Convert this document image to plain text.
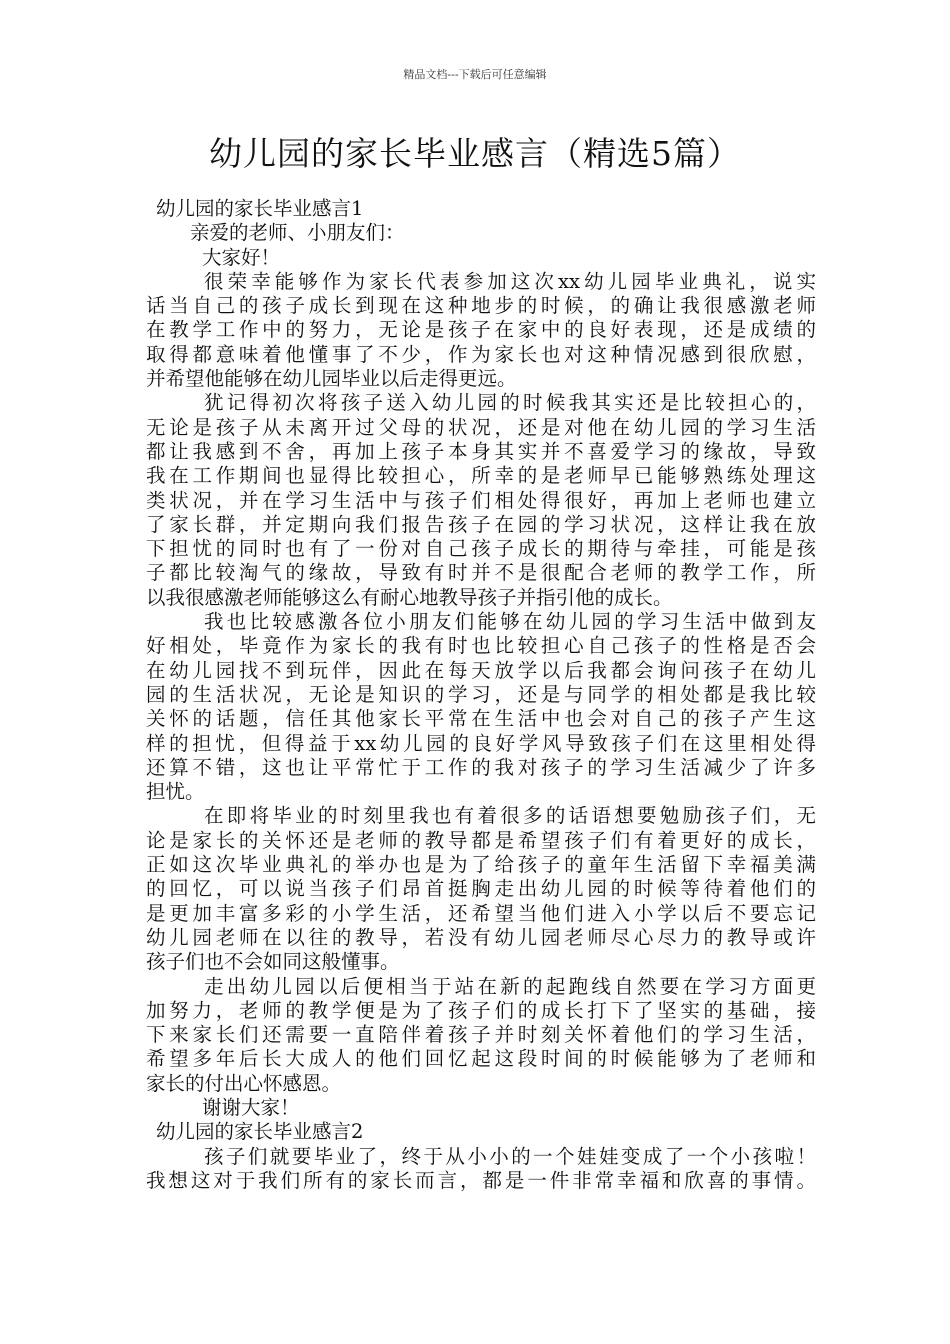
精品文档---下载后可任意编辑
幼儿园的家长毕业感言（精选5篇）
幼儿园的家长毕业感言1
亲爱的老师、小朋友们：
大家好！
很荣幸能够作为家长代表参加这次xx幼儿园毕业典礼，说实
话当自己的孩子成长到现在这种地步的时候，的确让我很感激老师
在教学工作中的努力，无论是孩子在家中的良好表现，还是成绩的
取得都意味着他懂事了不少，作为家长也对这种情况感到很欣慰，
并希望他能够在幼儿园毕业以后走得更远。
犹记得初次将孩子送入幼儿园的时候我其实还是比较担心的，
无论是孩子从未离开过父母的状况，还是对他在幼儿园的学习生活
都让我感到不舍，再加上孩子本身其实并不喜爱学习的缘故，导致
我在工作期间也显得比较担心，所幸的是老师早已能够熟练处理这
类状况，并在学习生活中与孩子们相处得很好，再加上老师也建立
了家长群，并定期向我们报告孩子在园的学习状况，这样让我在放
下担忧的同时也有了一份对自己孩子成长的期待与牵挂，可能是孩
子都比较淘气的缘故，导致有时并不是很配合老师的教学工作，所
以我很感激老师能够这么有耐心地教导孩子并指引他的成长。
我也比较感激各位小朋友们能够在幼儿园的学习生活中做到友
好相处，毕竟作为家长的我有时也比较担心自己孩子的性格是否会
在幼儿园找不到玩伴，因此在每天放学以后我都会询问孩子在幼儿
园的生活状况，无论是知识的学习，还是与同学的相处都是我比较
关怀的话题，信任其他家长平常在生活中也会对自己的孩子产生这
样的担忧，但得益于xx幼儿园的良好学风导致孩子们在这里相处得
还算不错，这也让平常忙于工作的我对孩子的学习生活减少了许多
担忧。
在即将毕业的时刻里我也有着很多的话语想要勉励孩子们，无
论是家长的关怀还是老师的教导都是希望孩子们有着更好的成长，
正如这次毕业典礼的举办也是为了给孩子的童年生活留下幸福美满
的回忆，可以说当孩子们昂首挺胸走出幼儿园的时候等待着他们的
是更加丰富多彩的小学生活，还希望当他们进入小学以后不要忘记
幼儿园老师在以往的教导，若没有幼儿园老师尽心尽力的教导或许
孩子们也不会如同这般懂事。
走出幼儿园以后便相当于站在新的起跑线自然要在学习方面更
加努力，老师的教学便是为了孩子们的成长打下了坚实的基础，接
下来家长们还需要一直陪伴着孩子并时刻关怀着他们的学习生活，
希望多年后长大成人的他们回忆起这段时间的时候能够为了老师和
家长的付出心怀感恩。
谢谢大家！
幼儿园的家长毕业感言2
孩子们就要毕业了，终于从小小的一个娃娃变成了一个小孩啦！
我想这对于我们所有的家长而言，都是一件非常幸福和欣喜的事情。
